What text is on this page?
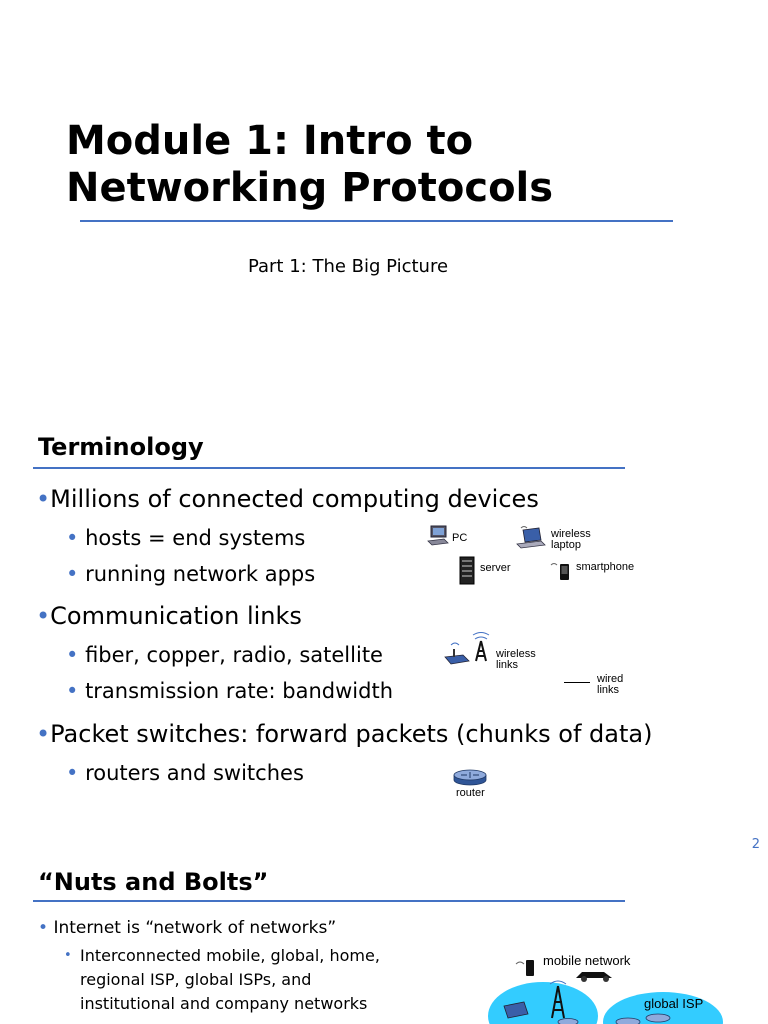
Module 1: Intro to
Networking Protocols
Part 1: The Big Picture
Terminology
•Millions of connected computing devices
• hosts = end systems
• running network apps
•Communication links
• fiber, copper, radio, satellite
• transmission rate: bandwidth
•Packet switches: forward packets (chunks of data)
• routers and switches
PC	wireless
laptop
server	smartphone
wireless
links
wired
links
router
2
“Nuts and Bolts”
• Internet is “network of networks”
• Interconnected mobile, global, home,
regional ISP, global ISPs, and
institutional and company networks
mobile network
global ISP
